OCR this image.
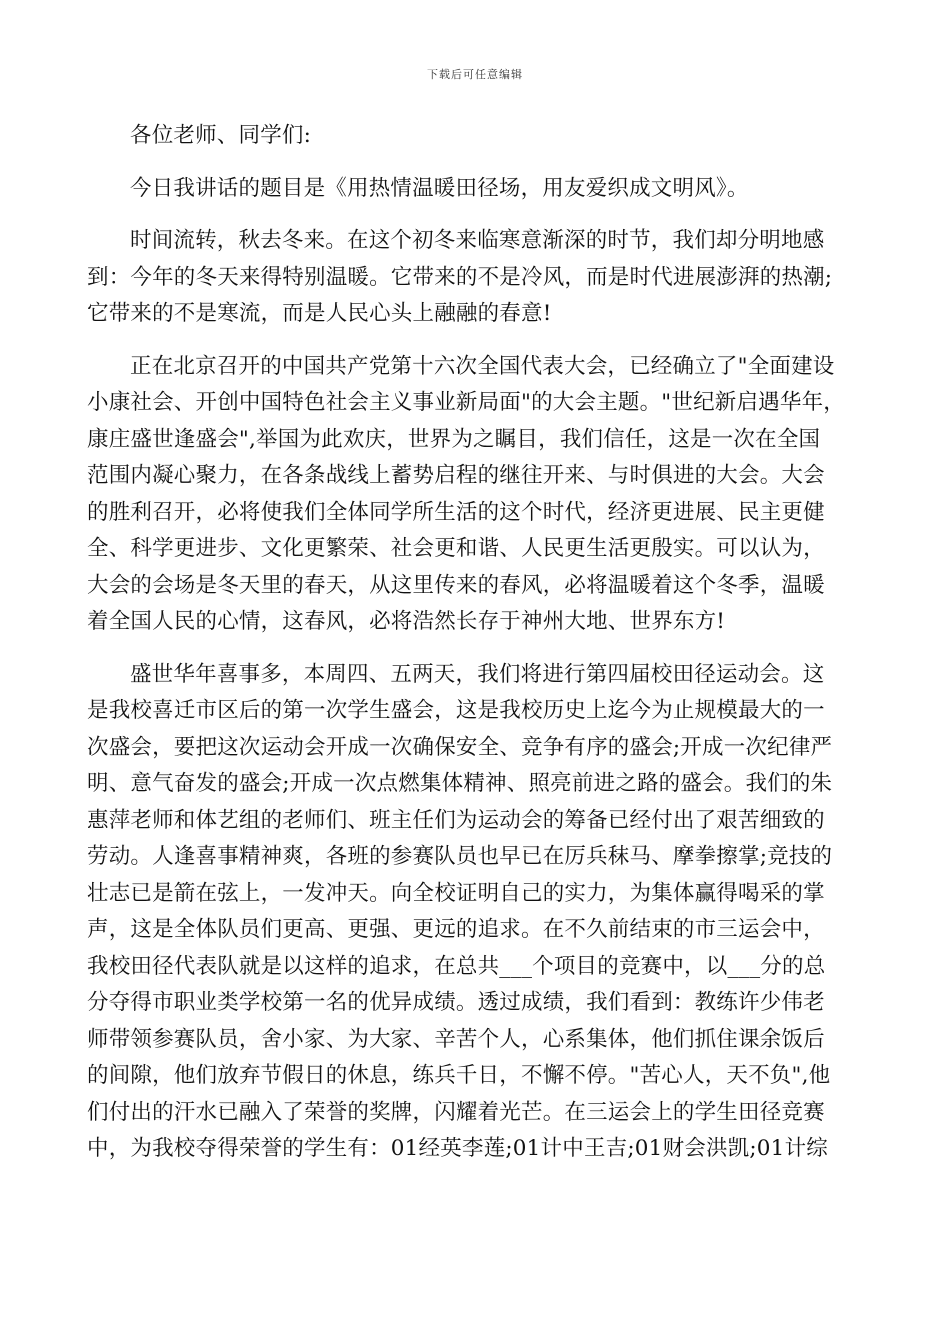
下载后可任意编辑

各位老师、同学们:

今日我讲话的题目是《用热情温暖田径场，用友爱织成文明风》。

时间流转，秋去冬来。在这个初冬来临寒意渐深的时节，我们却分明地感
到：今年的冬天来得特别温暖。它带来的不是冷风，而是时代进展澎湃的热潮;
它带来的不是寒流，而是人民心头上融融的春意!

正在北京召开的中国共产党第十六次全国代表大会，已经确立了"全面建设
小康社会、开创中国特色社会主义事业新局面"的大会主题。"世纪新启遇华年，
康庄盛世逢盛会",举国为此欢庆，世界为之瞩目，我们信任，这是一次在全国
范围内凝心聚力，在各条战线上蓄势启程的继往开来、与时俱进的大会。大会
的胜利召开，必将使我们全体同学所生活的这个时代，经济更进展、民主更健
全、科学更进步、文化更繁荣、社会更和谐、人民更生活更殷实。可以认为，
大会的会场是冬天里的春天，从这里传来的春风，必将温暖着这个冬季，温暖
着全国人民的心情，这春风，必将浩然长存于神州大地、世界东方!

盛世华年喜事多，本周四、五两天，我们将进行第四届校田径运动会。这
是我校喜迁市区后的第一次学生盛会，这是我校历史上迄今为止规模最大的一
次盛会，要把这次运动会开成一次确保安全、竞争有序的盛会;开成一次纪律严
明、意气奋发的盛会;开成一次点燃集体精神、照亮前进之路的盛会。我们的朱
惠萍老师和体艺组的老师们、班主任们为运动会的筹备已经付出了艰苦细致的
劳动。人逢喜事精神爽，各班的参赛队员也早已在厉兵秣马、摩拳擦掌;竞技的
壮志已是箭在弦上，一发冲天。向全校证明自己的实力，为集体赢得喝采的掌
声，这是全体队员们更高、更强、更远的追求。在不久前结束的市三运会中，
我校田径代表队就是以这样的追求，在总共___个项目的竞赛中，以___分的总
分夺得市职业类学校第一名的优异成绩。透过成绩，我们看到：教练许少伟老
师带领参赛队员，舍小家、为大家、辛苦个人，心系集体，他们抓住课余饭后
的间隙，他们放弃节假日的休息，练兵千日，不懈不停。"苦心人，天不负",他
们付出的汗水已融入了荣誉的奖牌，闪耀着光芒。在三运会上的学生田径竞赛
中，为我校夺得荣誉的学生有：01经英李莲;01计中王吉;01财会洪凯;01计综
